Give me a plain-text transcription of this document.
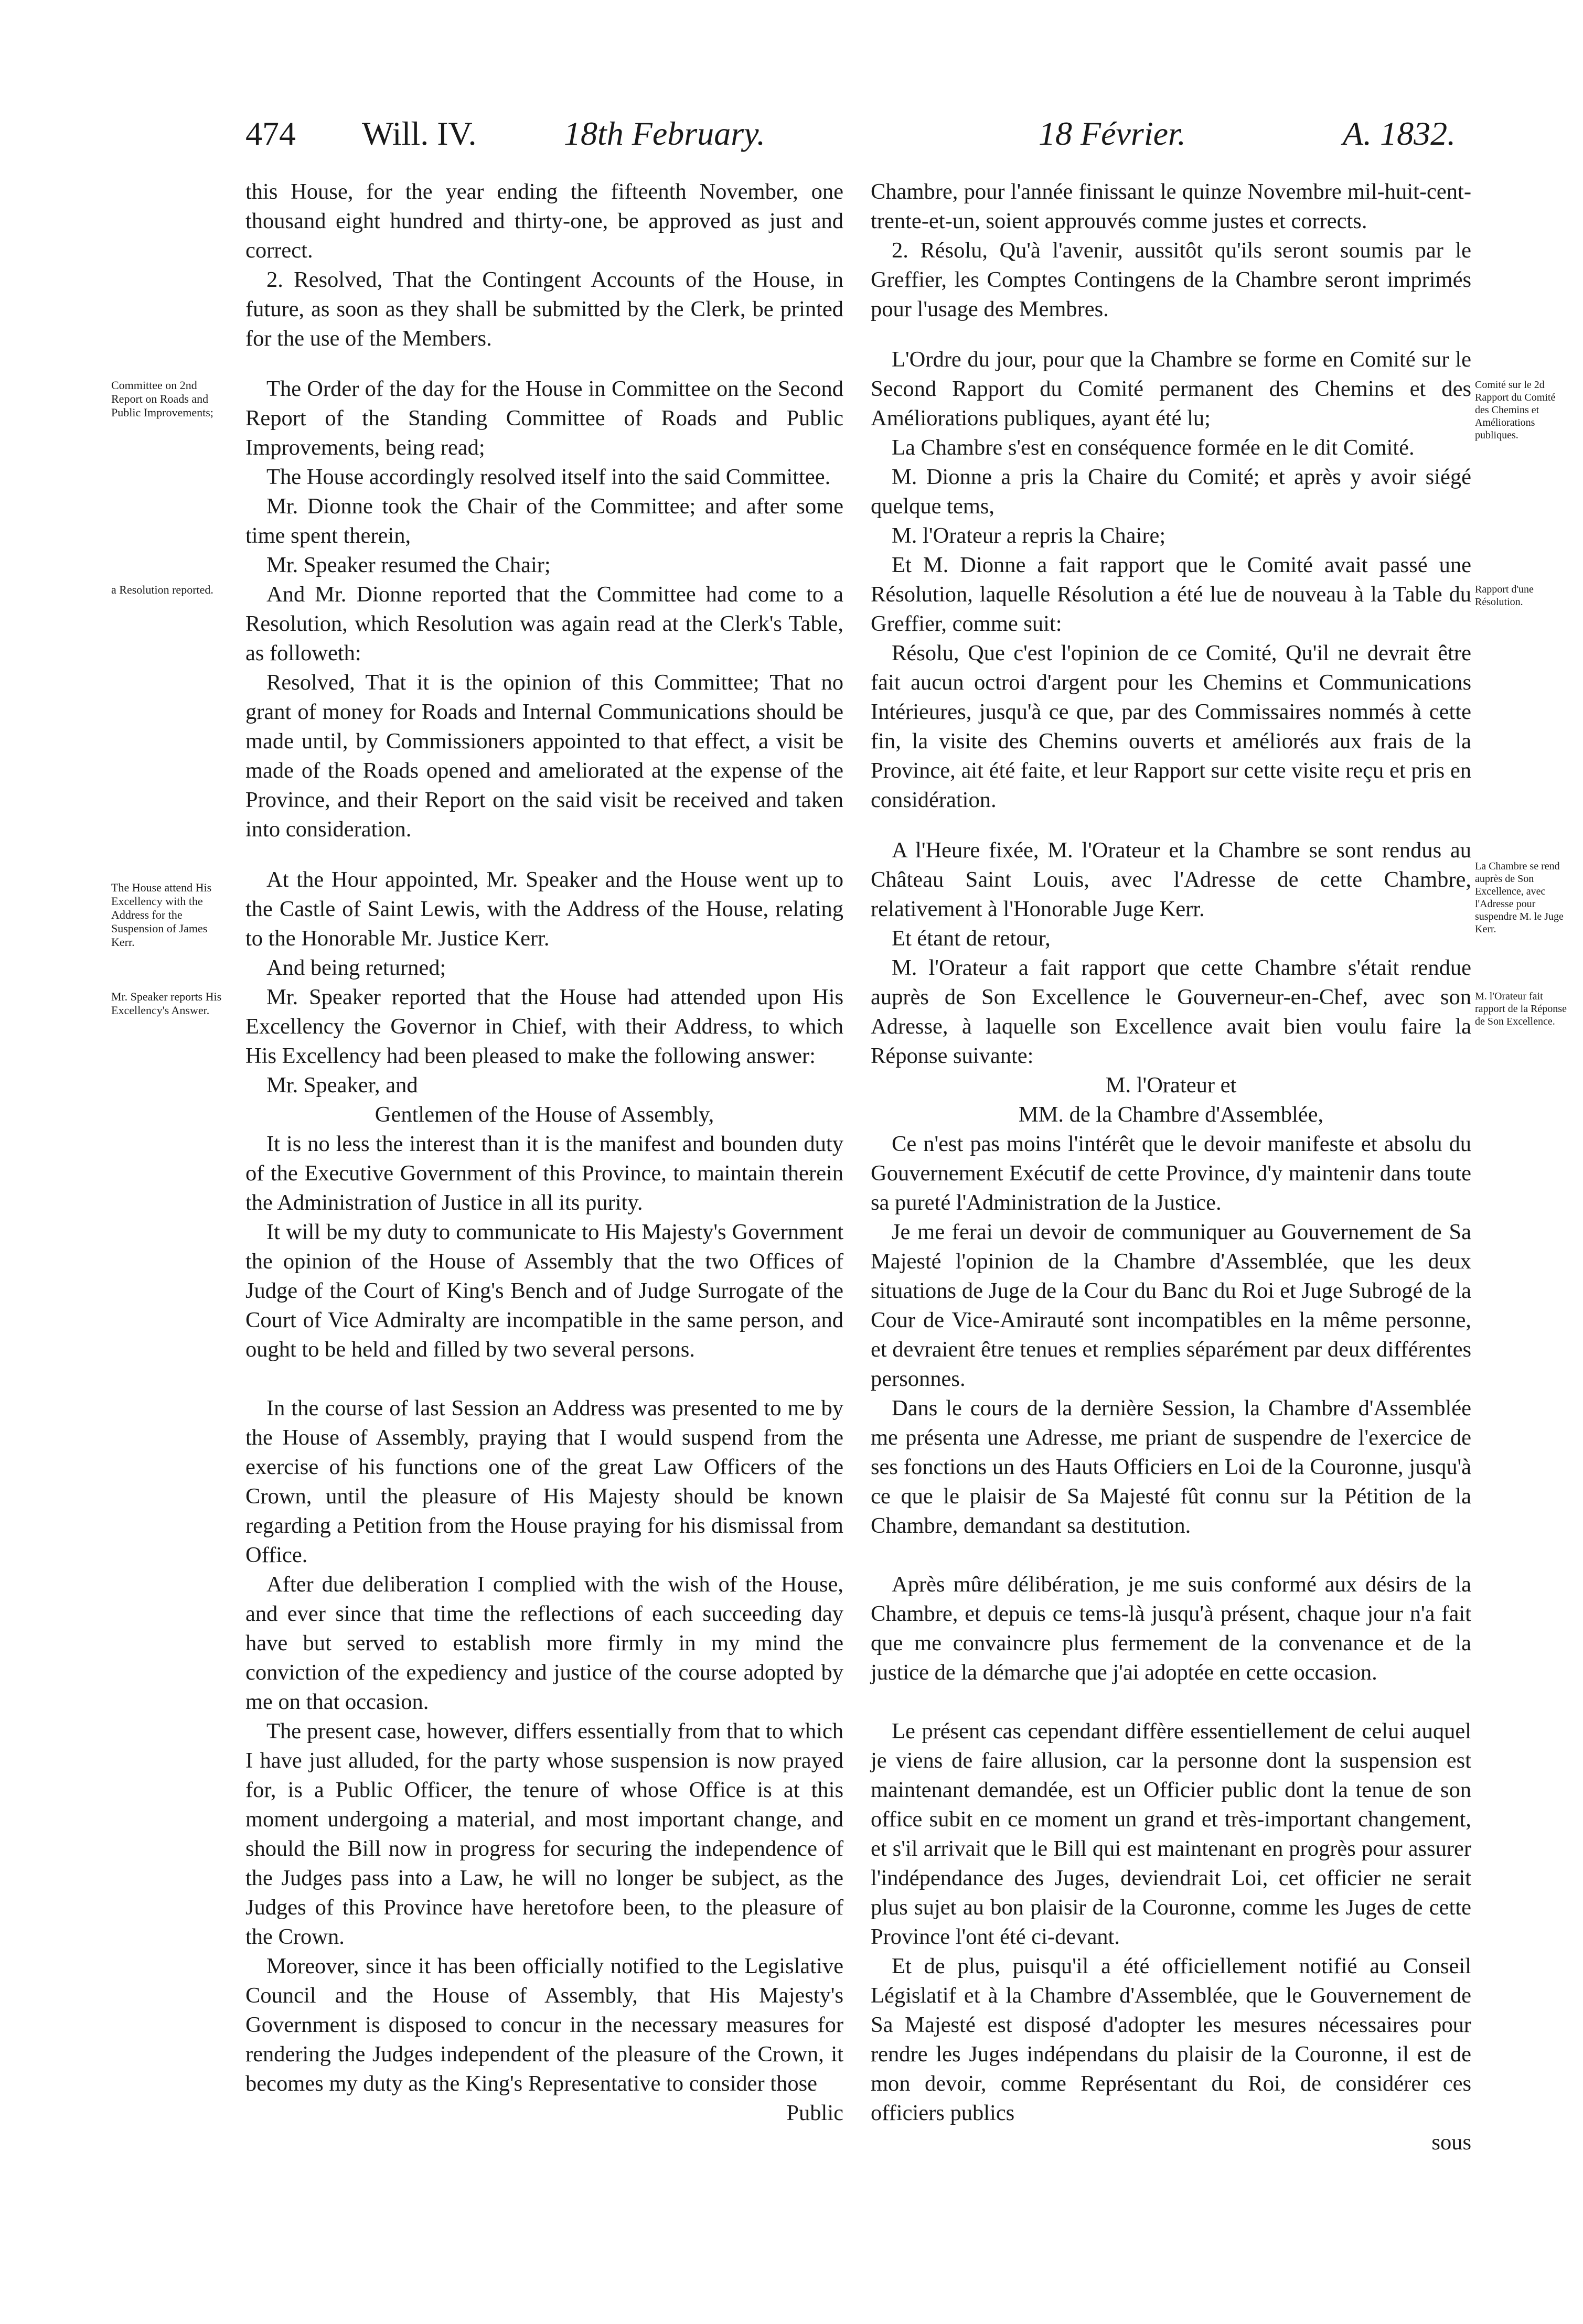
474 Will. IV.	18th February.	18 Février.	A. 1832.
Committee on 2nd Report on Roads and Public Improvements;
a Resolution reported.
The House attend His Excellency with the Address for the Suspension of James Kerr.
Mr. Speaker reports His Excellency's Answer.
Comité sur le 2d Rapport du Comité des Chemins et Améliorations publiques.
Rapport d'une Résolution.
La Chambre se rend auprès de Son Excellence, avec l'Adresse pour suspendre M. le Juge Kerr.
M. l'Orateur fait rapport de la Réponse de Son Excellence.

this House, for the year ending the fifteenth November, one thousand eight hundred and thirty-one, be approved as just and correct.

2. Resolved, That the Contingent Accounts of the House, in future, as soon as they shall be submitted by the Clerk, be printed for the use of the Members.

The Order of the day for the House in Committee on the Second Report of the Standing Committee of Roads and Public Improvements, being read;

The House accordingly resolved itself into the said Committee.

Mr. Dionne took the Chair of the Committee; and after some time spent therein,

Mr. Speaker resumed the Chair;

And Mr. Dionne reported that the Committee had come to a Resolution, which Resolution was again read at the Clerk's Table, as followeth:

Resolved, That it is the opinion of this Committee; That no grant of money for Roads and Internal Communications should be made until, by Commissioners appointed to that effect, a visit be made of the Roads opened and ameliorated at the expense of the Province, and their Report on the said visit be received and taken into consideration.

At the Hour appointed, Mr. Speaker and the House went up to the Castle of Saint Lewis, with the Address of the House, relating to the Honorable Mr. Justice Kerr.

And being returned;

Mr. Speaker reported that the House had attended upon His Excellency the Governor in Chief, with their Address, to which His Excellency had been pleased to make the following answer:

Mr. Speaker, and

Gentlemen of the House of Assembly,

It is no less the interest than it is the manifest and bounden duty of the Executive Government of this Province, to maintain therein the Administration of Justice in all its purity.

It will be my duty to communicate to His Majesty's Government the opinion of the House of Assembly that the two Offices of Judge of the Court of King's Bench and of Judge Surrogate of the Court of Vice Admiralty are incompatible in the same person, and ought to be held and filled by two several persons.

In the course of last Session an Address was presented to me by the House of Assembly, praying that I would suspend from the exercise of his functions one of the great Law Officers of the Crown, until the pleasure of His Majesty should be known regarding a Petition from the House praying for his dismissal from Office.

After due deliberation I complied with the wish of the House, and ever since that time the reflections of each succeeding day have but served to establish more firmly in my mind the conviction of the expediency and justice of the course adopted by me on that occasion.

The present case, however, differs essentially from that to which I have just alluded, for the party whose suspension is now prayed for, is a Public Officer, the tenure of whose Office is at this moment undergoing a material, and most important change, and should the Bill now in progress for securing the independence of the Judges pass into a Law, he will no longer be subject, as the Judges of this Province have heretofore been, to the pleasure of the Crown.

Moreover, since it has been officially notified to the Legislative Council and the House of Assembly, that His Majesty's Government is disposed to concur in the necessary measures for rendering the Judges independent of the pleasure of the Crown, it becomes my duty as the King's Representative to consider those

Public

Chambre, pour l'année finissant le quinze Novembre mil-huit-cent-trente-et-un, soient approuvés comme justes et corrects.

2. Résolu, Qu'à l'avenir, aussitôt qu'ils seront soumis par le Greffier, les Comptes Contingens de la Chambre seront imprimés pour l'usage des Membres.

L'Ordre du jour, pour que la Chambre se forme en Comité sur le Second Rapport du Comité permanent des Chemins et des Améliorations publiques, ayant été lu;

La Chambre s'est en conséquence formée en le dit Comité.

M. Dionne a pris la Chaire du Comité; et après y avoir siégé quelque tems,

M. l'Orateur a repris la Chaire;

Et M. Dionne a fait rapport que le Comité avait passé une Résolution, laquelle Résolution a été lue de nouveau à la Table du Greffier, comme suit:

Résolu, Que c'est l'opinion de ce Comité, Qu'il ne devrait être fait aucun octroi d'argent pour les Chemins et Communications Intérieures, jusqu'à ce que, par des Commissaires nommés à cette fin, la visite des Chemins ouverts et améliorés aux frais de la Province, ait été faite, et leur Rapport sur cette visite reçu et pris en considération.

A l'Heure fixée, M. l'Orateur et la Chambre se sont rendus au Château Saint Louis, avec l'Adresse de cette Chambre, relativement à l'Honorable Juge Kerr.

Et étant de retour,

M. l'Orateur a fait rapport que cette Chambre s'était rendue auprès de Son Excellence le Gouverneur-en-Chef, avec son Adresse, à laquelle son Excellence avait bien voulu faire la Réponse suivante:

M. l'Orateur et

MM. de la Chambre d'Assemblée,

Ce n'est pas moins l'intérêt que le devoir manifeste et absolu du Gouvernement Exécutif de cette Province, d'y maintenir dans toute sa pureté l'Administration de la Justice.

Je me ferai un devoir de communiquer au Gouvernement de Sa Majesté l'opinion de la Chambre d'Assemblée, que les deux situations de Juge de la Cour du Banc du Roi et Juge Subrogé de la Cour de Vice-Amirauté sont incompatibles en la même personne, et devraient être tenues et remplies séparément par deux différentes personnes.

Dans le cours de la dernière Session, la Chambre d'Assemblée me présenta une Adresse, me priant de suspendre de l'exercice de ses fonctions un des Hauts Officiers en Loi de la Couronne, jusqu'à ce que le plaisir de Sa Majesté fût connu sur la Pétition de la Chambre, demandant sa destitution.

Après mûre délibération, je me suis conformé aux désirs de la Chambre, et depuis ce tems-là jusqu'à présent, chaque jour n'a fait que me convaincre plus fermement de la convenance et de la justice de la démarche que j'ai adoptée en cette occasion.

Le présent cas cependant diffère essentiellement de celui auquel je viens de faire allusion, car la personne dont la suspension est maintenant demandée, est un Officier public dont la tenue de son office subit en ce moment un grand et très-important changement, et s'il arrivait que le Bill qui est maintenant en progrès pour assurer l'indépendance des Juges, deviendrait Loi, cet officier ne serait plus sujet au bon plaisir de la Couronne, comme les Juges de cette Province l'ont été ci-devant.

Et de plus, puisqu'il a été officiellement notifié au Conseil Législatif et à la Chambre d'Assemblée, que le Gouvernement de Sa Majesté est disposé d'adopter les mesures nécessaires pour rendre les Juges indépendans du plaisir de la Couronne, il est de mon devoir, comme Représentant du Roi, de considérer ces officiers publics

sous
